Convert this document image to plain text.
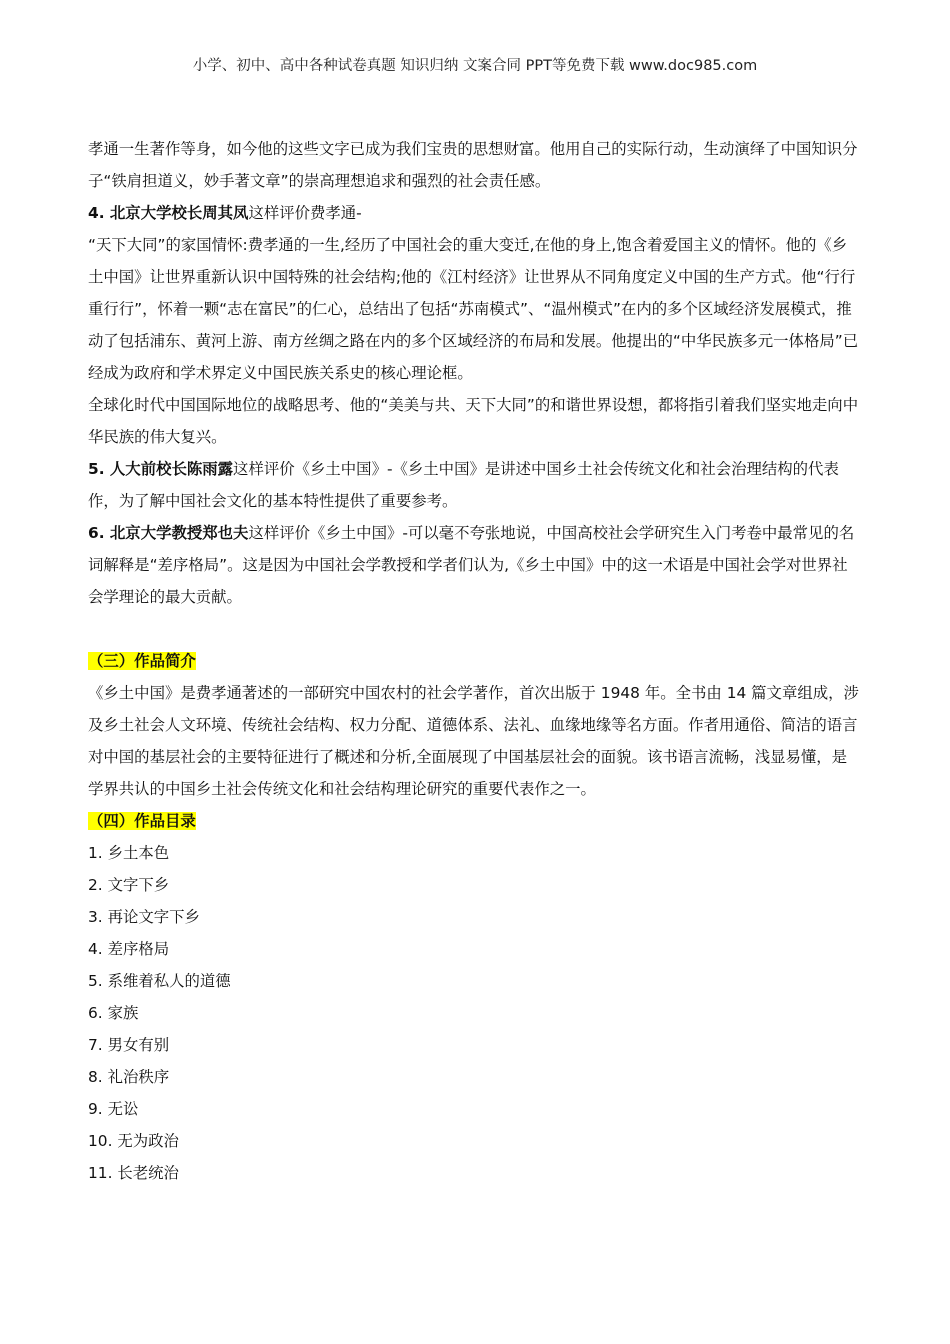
小学、初中、高中各种试卷真题 知识归纳 文案合同 PPT等免费下载 www.doc985.com

孝通一生著作等身，如今他的这些文字已成为我们宝贵的思想财富。他用自己的实际行动，生动演绎了中国知识分子“铁肩担道义，妙手著文章”的崇高理想追求和强烈的社会责任感。

4. 北京大学校长周其凤这样评价费孝通-

“天下大同”的家国情怀:费孝通的一生,经历了中国社会的重大变迁,在他的身上,饱含着爱国主义的情怀。他的《乡土中国》让世界重新认识中国特殊的社会结构;他的《江村经济》让世界从不同角度定义中国的生产方式。他“行行重行行”，怀着一颗“志在富民”的仁心，总结出了包括“苏南模式”、“温州模式”在内的多个区域经济发展模式，推动了包括浦东、黄河上游、南方丝绸之路在内的多个区域经济的布局和发展。他提出的“中华民族多元一体格局”已经成为政府和学术界定义中国民族关系史的核心理论框。

全球化时代中国国际地位的战略思考、他的“美美与共、天下大同”的和谐世界设想，都将指引着我们坚实地走向中华民族的伟大复兴。

5. 人大前校长陈雨露这样评价《乡土中国》-《乡土中国》是讲述中国乡土社会传统文化和社会治理结构的代表作，为了解中国社会文化的基本特性提供了重要参考。

6. 北京大学教授郑也夫这样评价《乡土中国》-可以毫不夸张地说，中国高校社会学研究生入门考卷中最常见的名词解释是“差序格局”。这是因为中国社会学教授和学者们认为,《乡土中国》中的这一术语是中国社会学对世界社会学理论的最大贡献。

（三）作品简介

《乡土中国》是费孝通著述的一部研究中国农村的社会学著作，首次出版于 1948 年。全书由 14 篇文章组成，涉及乡土社会人文环境、传统社会结构、权力分配、道德体系、法礼、血缘地缘等名方面。作者用通俗、简洁的语言对中国的基层社会的主要特征进行了概述和分析,全面展现了中国基层社会的面貌。该书语言流畅，浅显易懂，是学界共认的中国乡土社会传统文化和社会结构理论研究的重要代表作之一。

（四）作品目录

1. 乡土本色
2. 文字下乡
3. 再论文字下乡
4. 差序格局
5. 系维着私人的道德
6. 家族
7. 男女有别
8. 礼治秩序
9. 无讼
10. 无为政治
11. 长老统治
